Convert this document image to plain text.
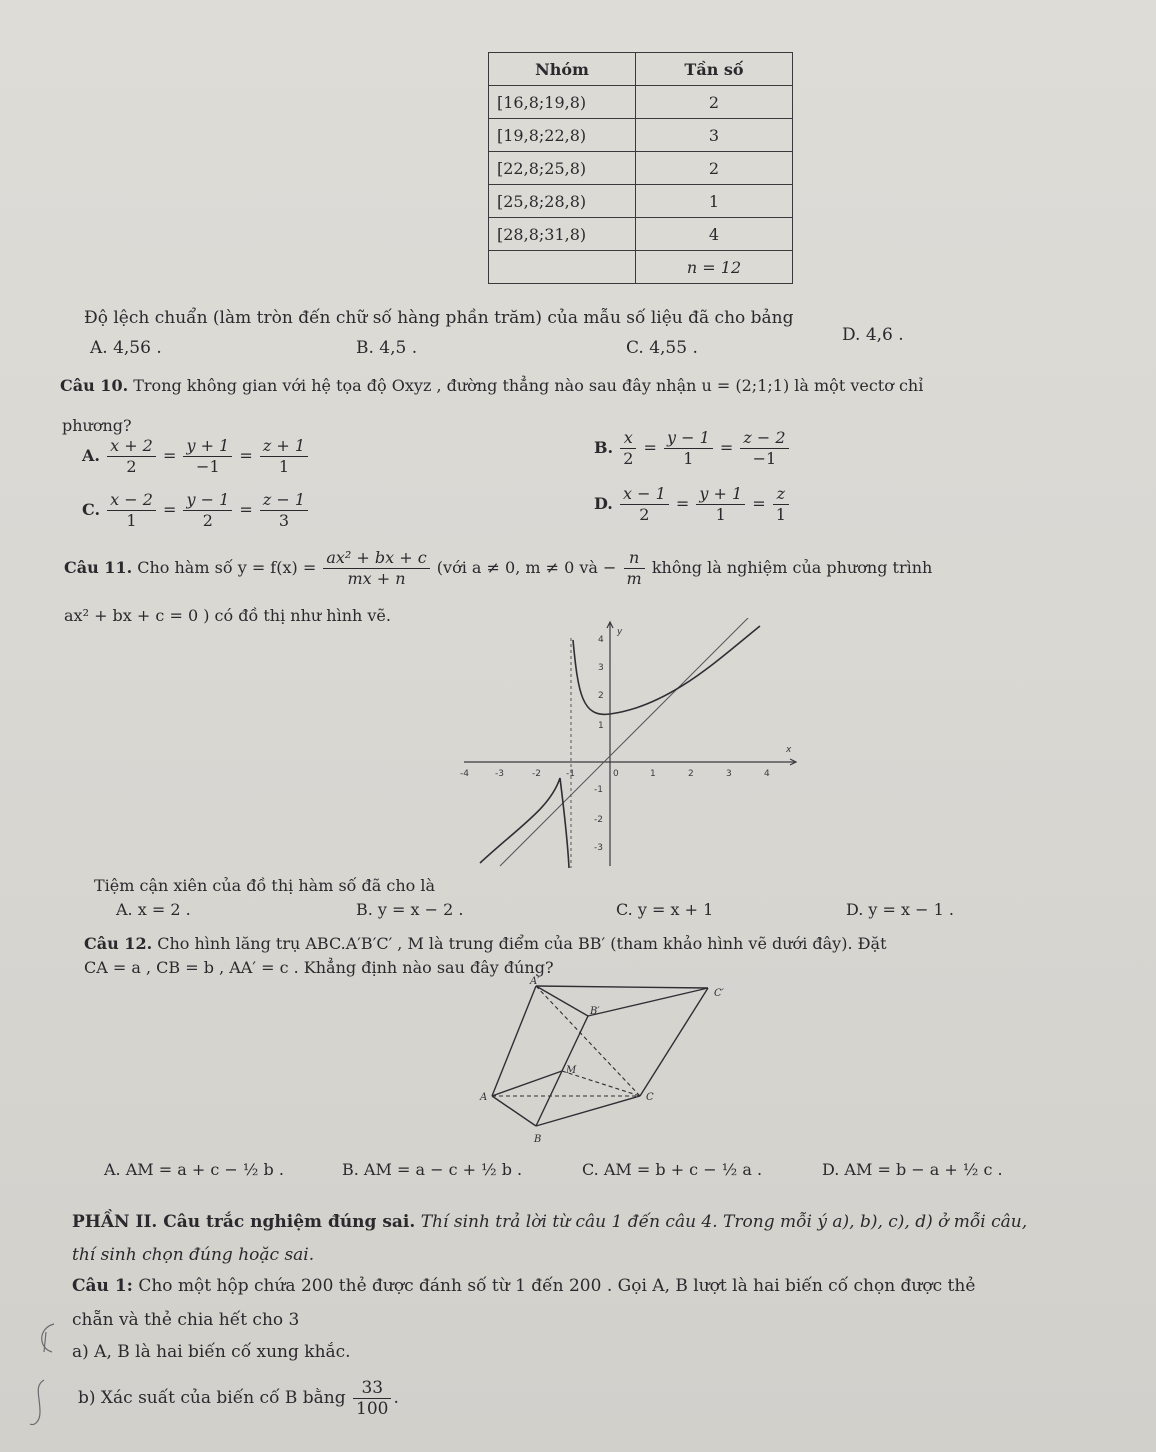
Nhóm	Tần số
[16,8;19,8)	2
[19,8;22,8)	3
[22,8;25,8)	2
[25,8;28,8)	1
[28,8;31,8)	4
	n = 12
Độ lệch chuẩn (làm tròn đến chữ số hàng phần trăm) của mẫu số liệu đã cho bảng
A. 4,56 .	B. 4,5 .	C. 4,55 .
D. 4,6 .
Câu 10. Trong không gian với hệ tọa độ Oxyz , đường thẳng nào sau đây nhận u = (2;1;1) là một vectơ chỉ
phương?
A. $\frac{x + 2}{2} = \frac{y + 1}{-1} = \frac{z + 1}{1}$	B. $\frac{x}{2} = \frac{y - 1}{1} = \frac{z - 2}{-1}$
C. $\frac{x - 2}{1} = \frac{y - 1}{2} = \frac{z - 1}{3}$	D. $\frac{x - 1}{2} = \frac{y + 1}{1} = \frac{z}{1}$
Câu 11. Cho hàm số $y = f(x) = \frac{\text{ax² + bx + c}}{mx + n}$ (với a ≠ 0, m ≠ 0 và − $\frac{n}{m}$ không là nghiệm của phương trình
ax² + bx + c = 0 ) có đồ thị như hình vẽ.
-4	-3	-2	-1	0	1	2	3	4
4
3
2
1
-1
-2
-3
x
y
Tiệm cận xiên của đồ thị hàm số đã cho là
A. x = 2 .	B. y = x − 2 .	C. y = x + 1	D. y = x − 1 .
Câu 12. Cho hình lăng trụ ABC.A′B′C′ , M là trung điểm của BB′ (tham khảo hình vẽ dưới đây). Đặt
CA = a , CB = b , AA′ = c . Khẳng định nào sau đây đúng?
A′
B′
C′
M
A
B
C
A. AM = a + c − ½ b .	B. AM = a − c + ½ b .	C. AM = b + c − ½ a .	D. AM = b − a + ½ c .
PHẦN II. Câu trắc nghiệm đúng sai. Thí sinh trả lời từ câu 1 đến câu 4. Trong mỗi ý a), b), c), d) ở mỗi câu,
thí sinh chọn đúng hoặc sai.
Câu 1: Cho một hộp chứa 200 thẻ được đánh số từ 1 đến 200 . Gọi A, B lượt là hai biến cố chọn được thẻ
chẵn và thẻ chia hết cho 3
a) A, B là hai biến cố xung khắc.
b) Xác suất của biến cố B bằng $\frac{33}{100}$ .
